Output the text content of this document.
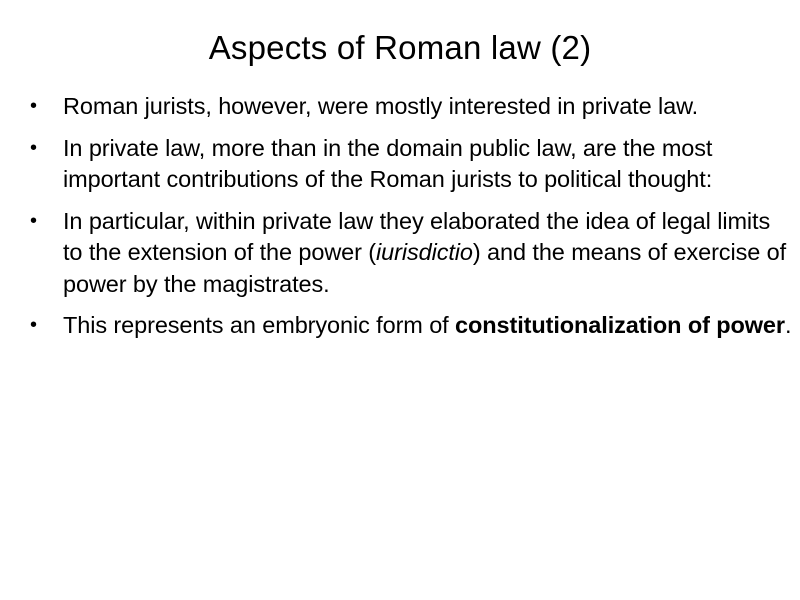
Aspects of Roman law (2)
•	Roman jurists, however, were mostly interested in private law.
•	In private law, more than in the domain public law, are the most important contributions of the Roman jurists to political thought:
•	In particular, within private law they elaborated the idea of legal limits to the extension of the power (iurisdictio) and the means of exercise of power by the magistrates.
•	This represents an embryonic form of constitutionalization of power.
